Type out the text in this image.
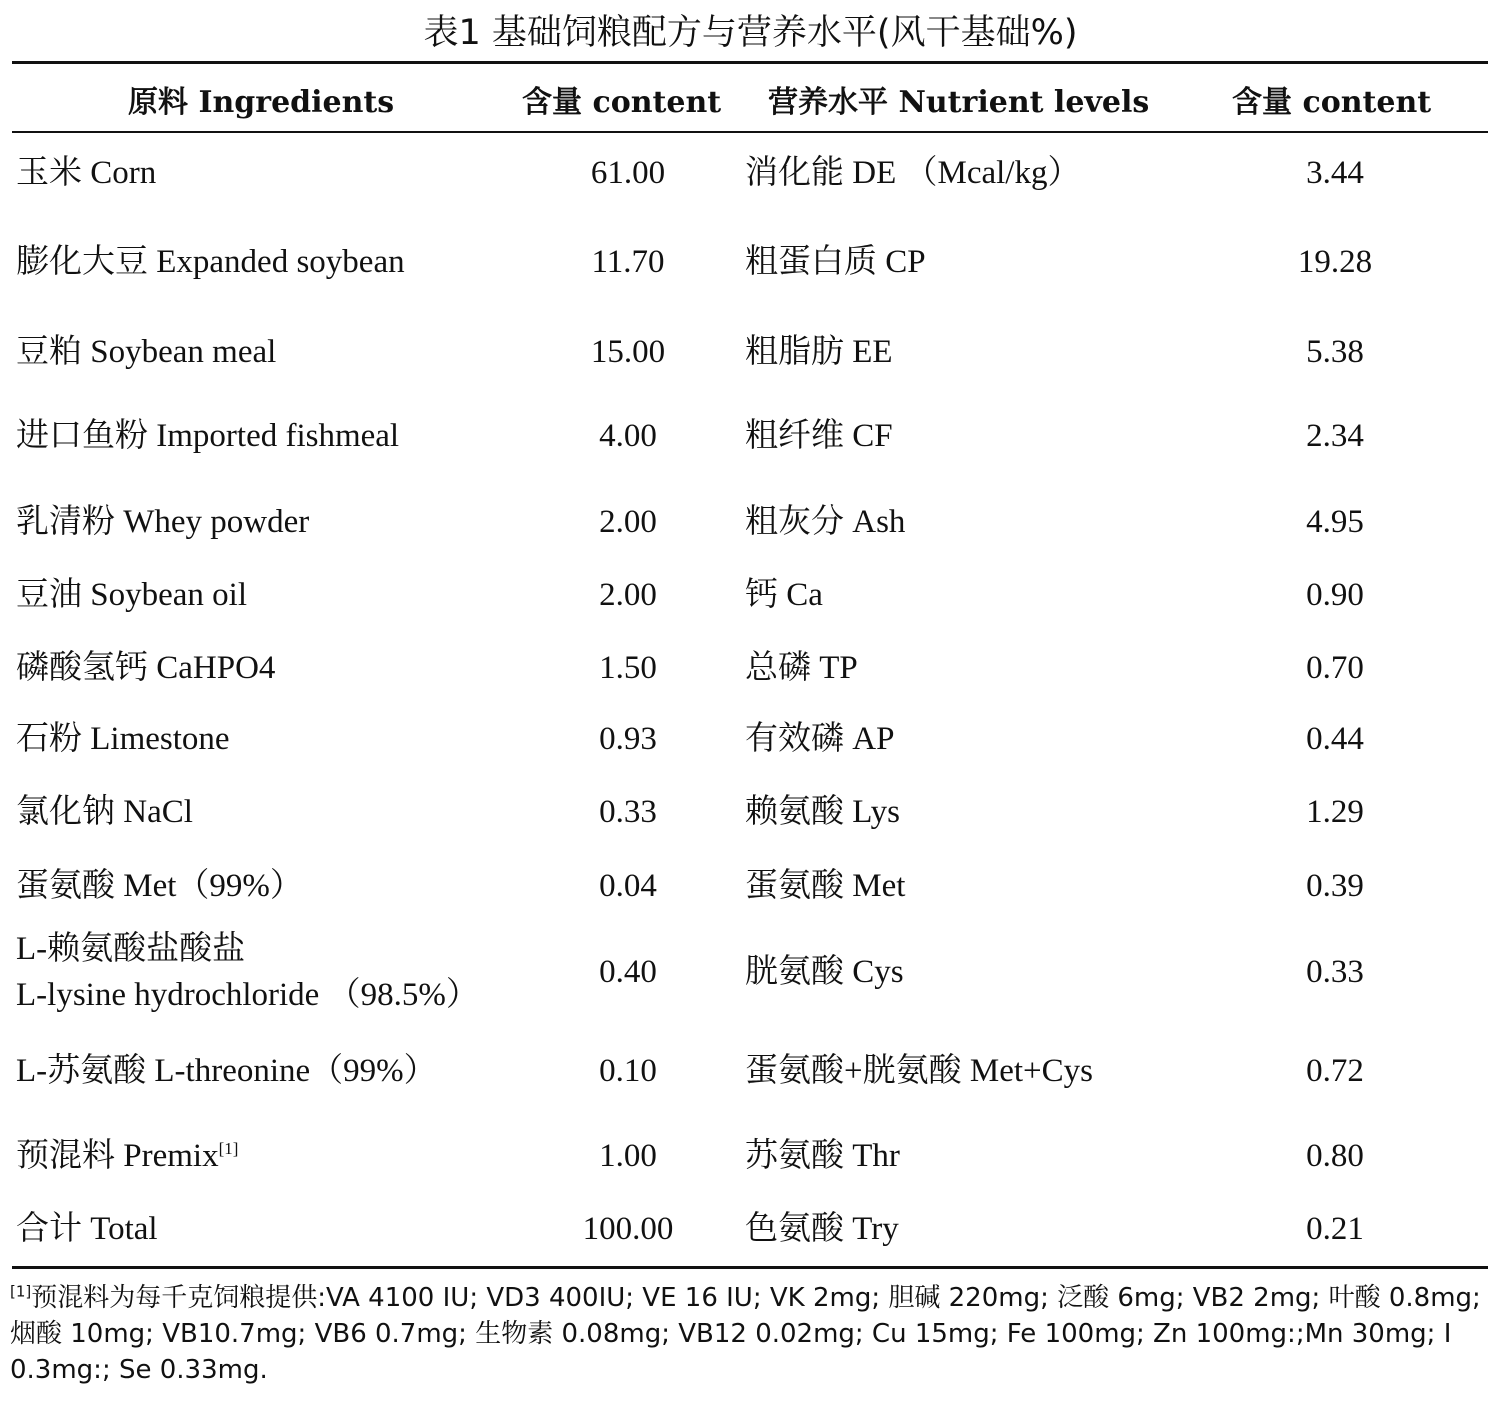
表1 基础饲粮配方与营养水平(风干基础%)
原料 Ingredients	含量 content 营养水平 Nutrient levels	含量 content
玉米 Corn	61.00	消化能 DE （Mcal/kg）	3.44
膨化大豆 Expanded soybean	11.70	粗蛋白质 CP	19.28
豆粕 Soybean meal	15.00	粗脂肪 EE	5.38
进口鱼粉 Imported fishmeal	4.00	粗纤维 CF	2.34
乳清粉 Whey powder	2.00	粗灰分 Ash	4.95
豆油 Soybean oil	2.00	钙 Ca	0.90
磷酸氢钙 CaHPO4	1.50	总磷 TP	0.70
石粉 Limestone	0.93	有效磷 AP	0.44
氯化钠 NaCl	0.33	赖氨酸 Lys	1.29
蛋氨酸 Met（99%）	0.04	蛋氨酸 Met	0.39
L-赖氨酸盐酸盐
L-lysine hydrochloride （98.5%）
0.40	胱氨酸 Cys	0.33
L-苏氨酸 L-threonine（99%）	0.10	蛋氨酸+胱氨酸 Met+Cys	0.72
预混料 Premix[1]	1.00	苏氨酸 Thr	0.80
合计 Total	100.00	色氨酸 Try	0.21
[1]预混料为每千克饲粮提供:VA 4100 IU; VD3 400IU; VE 16 IU; VK 2mg; 胆碱 220mg; 泛酸 6mg; VB2 2mg; 叶酸 0.8mg;烟酸 10mg; VB10.7mg; VB6 0.7mg; 生物素 0.08mg; VB12 0.02mg; Cu 15mg; Fe 100mg; Zn 100mg:;Mn 30mg; I 0.3mg:; Se 0.33mg.
